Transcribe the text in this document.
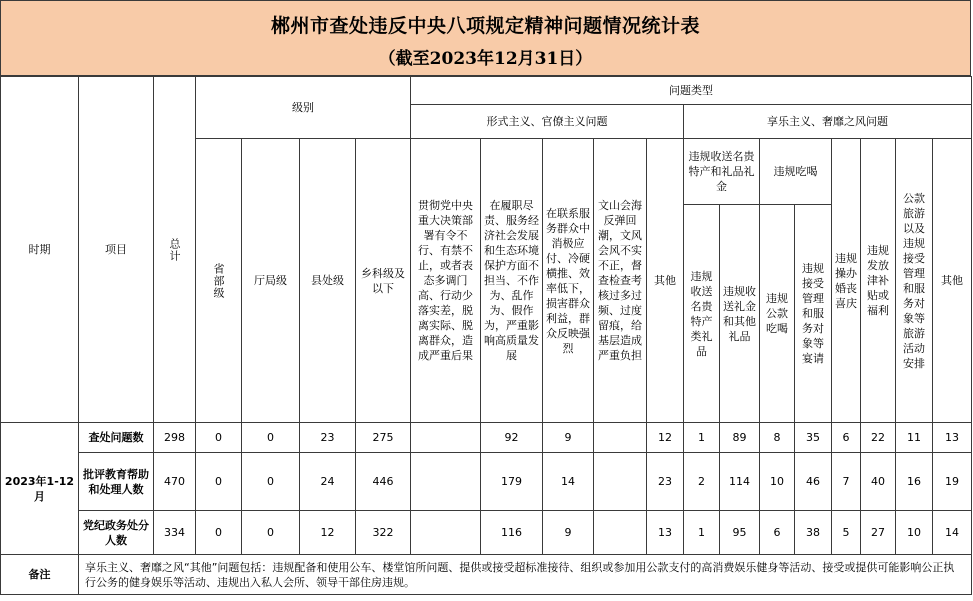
郴州市查处违反中央八项规定精神问题情况统计表
（截至2023年12月31日）
时期	项目	总计	级别				问题类型												
							形式主义、官僚主义问题					享乐主义、奢靡之风问题							

			省部级	厅局级	县处级	乡科级及以下	贯彻党中央重大决策部署有令不行、有禁不止，或者表态多调门高、行动少落实差，脱离实际、脱离群众，造成严重后果	在履职尽责、服务经济社会发展和生态环境保护方面不担当、不作为、乱作为、假作为，严重影响高质量发展	在联系服务群众中消极应付、冷硬横推、效率低下，损害群众利益，群众反映强烈	文山会海反弹回潮，文风会风不实不正，督查检查考核过多过频、过度留痕，给基层造成严重负担	其他	违规收送名贵特产和礼品礼金		违规吃喝		违规操办婚丧喜庆	违规发放津补贴或福利	公款旅游以及违规接受管理和服务对象等旅游活动安排	其他
												违规收送名贵特产类礼品	违规收送礼金和其他礼品	违规公款吃喝	违规接受管理和服务对象等宴请				
2023年1-12月	查处问题数	298	0	0	23	275		92	9		12	1	89	8	35	6	22	11	13
	批评教育帮助和处理人数	470	0	0	24	446		179	14		23	2	114	10	46	7	40	16	19
	党纪政务处分人数	334	0	0	12	322		116	9		13	1	95	6	38	5	27	10	14
备注	享乐主义、奢靡之风“其他”问题包括：违规配备和使用公车、楼堂馆所问题、提供或接受超标准接待、组织或参加用公款支付的高消费娱乐健身等活动、接受或提供可能影响公正执行公务的健身娱乐等活动、违规出入私人会所、领导干部住房违规。																		
